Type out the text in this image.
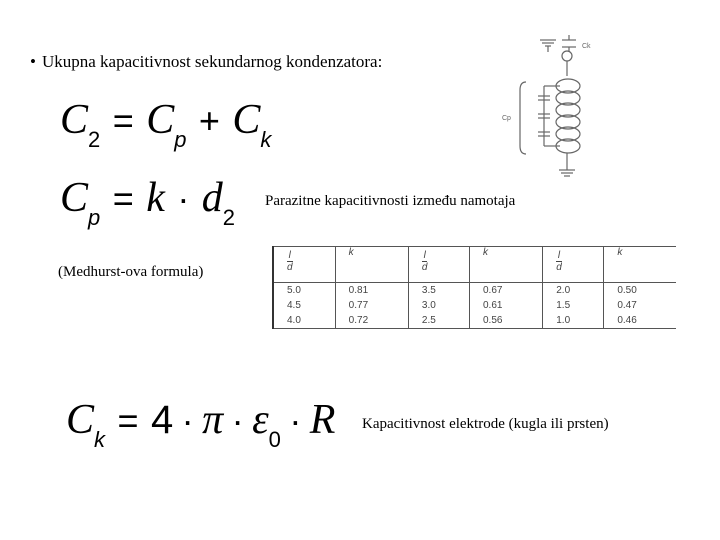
• Ukupna kapacitivnost sekundarnog kondenzatora:
C2 = Cp + Ck
Cp = k · d2
Parazitne kapacitivnosti između namotaja
(Medhurst-ova formula)	$\frac{l}{d}$	k	$\frac{l}{d}$	k	$\frac{l}{d}$	k
5.0	0.81	3.5	0.67	2.0	0.50
4.5	0.77	3.0	0.61	1.5	0.47
4.0	0.72	2.5	0.56	1.0	0.46
Ck = 4 · π · ε0 · R Kapacitivnost elektrode (kugla ili prsten)
Ck
Cp
